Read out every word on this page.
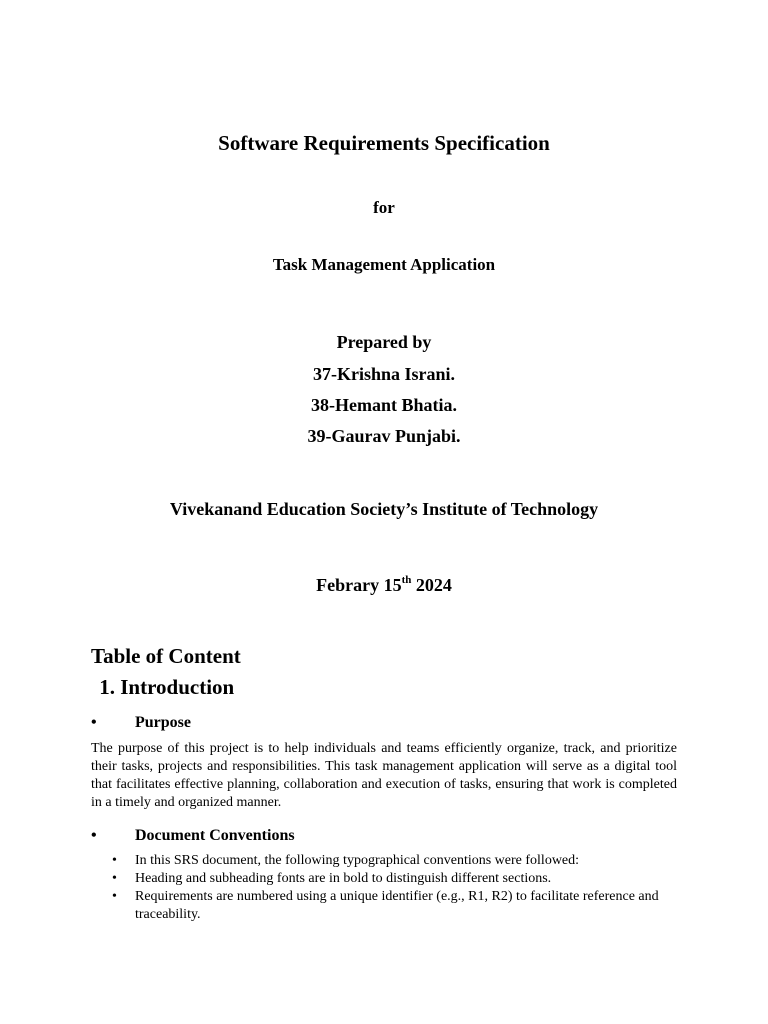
Software Requirements Specification
for
Task Management Application
Prepared by
37-Krishna Israni.
38-Hemant Bhatia.
39-Gaurav Punjabi.
Vivekanand Education Society’s Institute of Technology
Febrary 15th 2024
Table of Content
1. Introduction
• Purpose
The purpose of this project is to help individuals and teams efficiently organize, track, and prioritize their tasks, projects and responsibilities. This task management application will serve as a digital tool that facilitates effective planning, collaboration and execution of tasks, ensuring that work is completed in a timely and organized manner.
• Document Conventions
• In this SRS document, the following typographical conventions were followed:
• Heading and subheading fonts are in bold to distinguish different sections.
• Requirements are numbered using a unique identifier (e.g., R1, R2) to facilitate reference and traceability.
